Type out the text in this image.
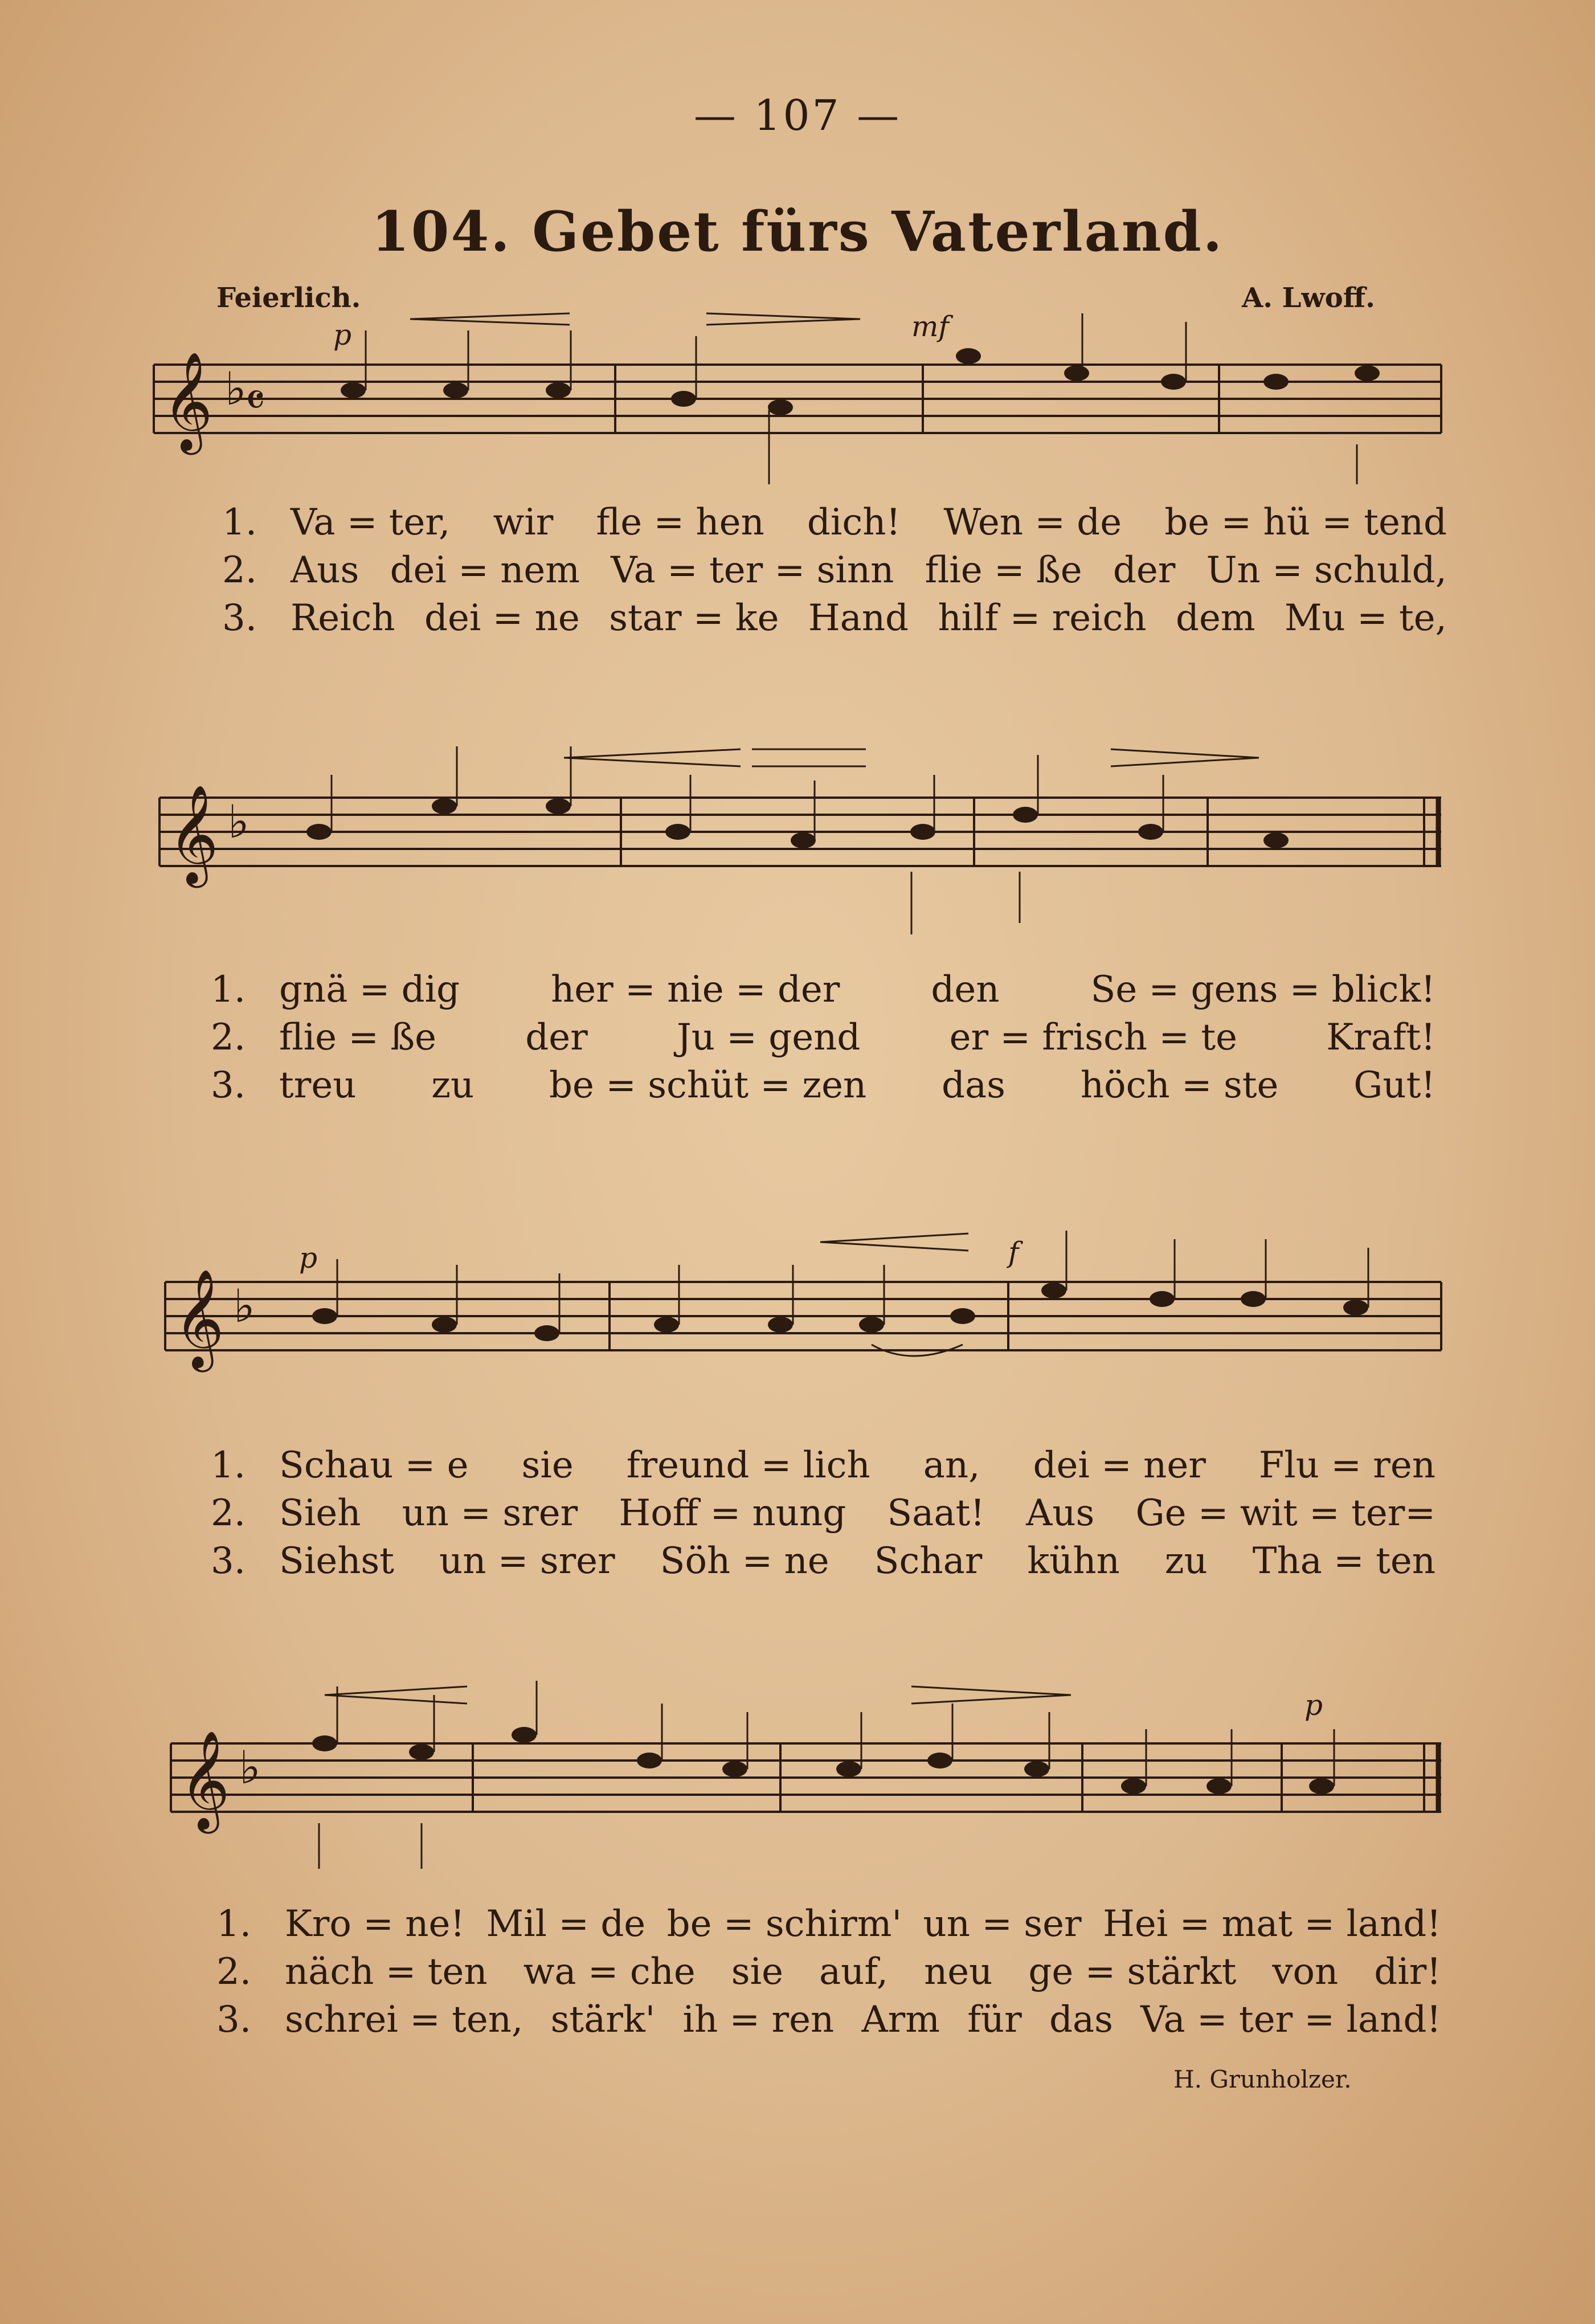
— 107 —
104. Gebet fürs Vaterland.
Feierlich.	A. Lwoff.
𝄞 ♭
𝄴
p	mf
1. Va = ter, wir fle = hen dich! Wen = de be = hü = tend
2. Aus dei = nem Va = ter = sinn flie = ße der Un = schuld,
3. Reich dei = ne star = ke Hand hilf = reich dem Mu = te,
𝄞 ♭
1. gnä = dig	her = nie = der	den	Se = gens = blick!
2. flie = ße der Ju = gend er = frisch = te Kraft!
3. treu zu be = schüt = zen das höch = ste Gut!
𝄞 ♭
p	f
1. Schau = e sie freund = lich an, dei = ner Flu = ren
2. Sieh un = srer Hoff = nung Saat! Aus Ge = wit = ter=
3. Siehst un = srer Söh = ne Schar kühn zu Tha = ten
𝄞 ♭
p
1. Kro = ne! Mil = de be = schirm' un = ser Hei = mat = land!
2. näch = ten wa = che sie auf, neu ge = stärkt von dir!
3. schrei = ten, stärk' ih = ren Arm für das Va = ter = land!
H. Grunholzer.
